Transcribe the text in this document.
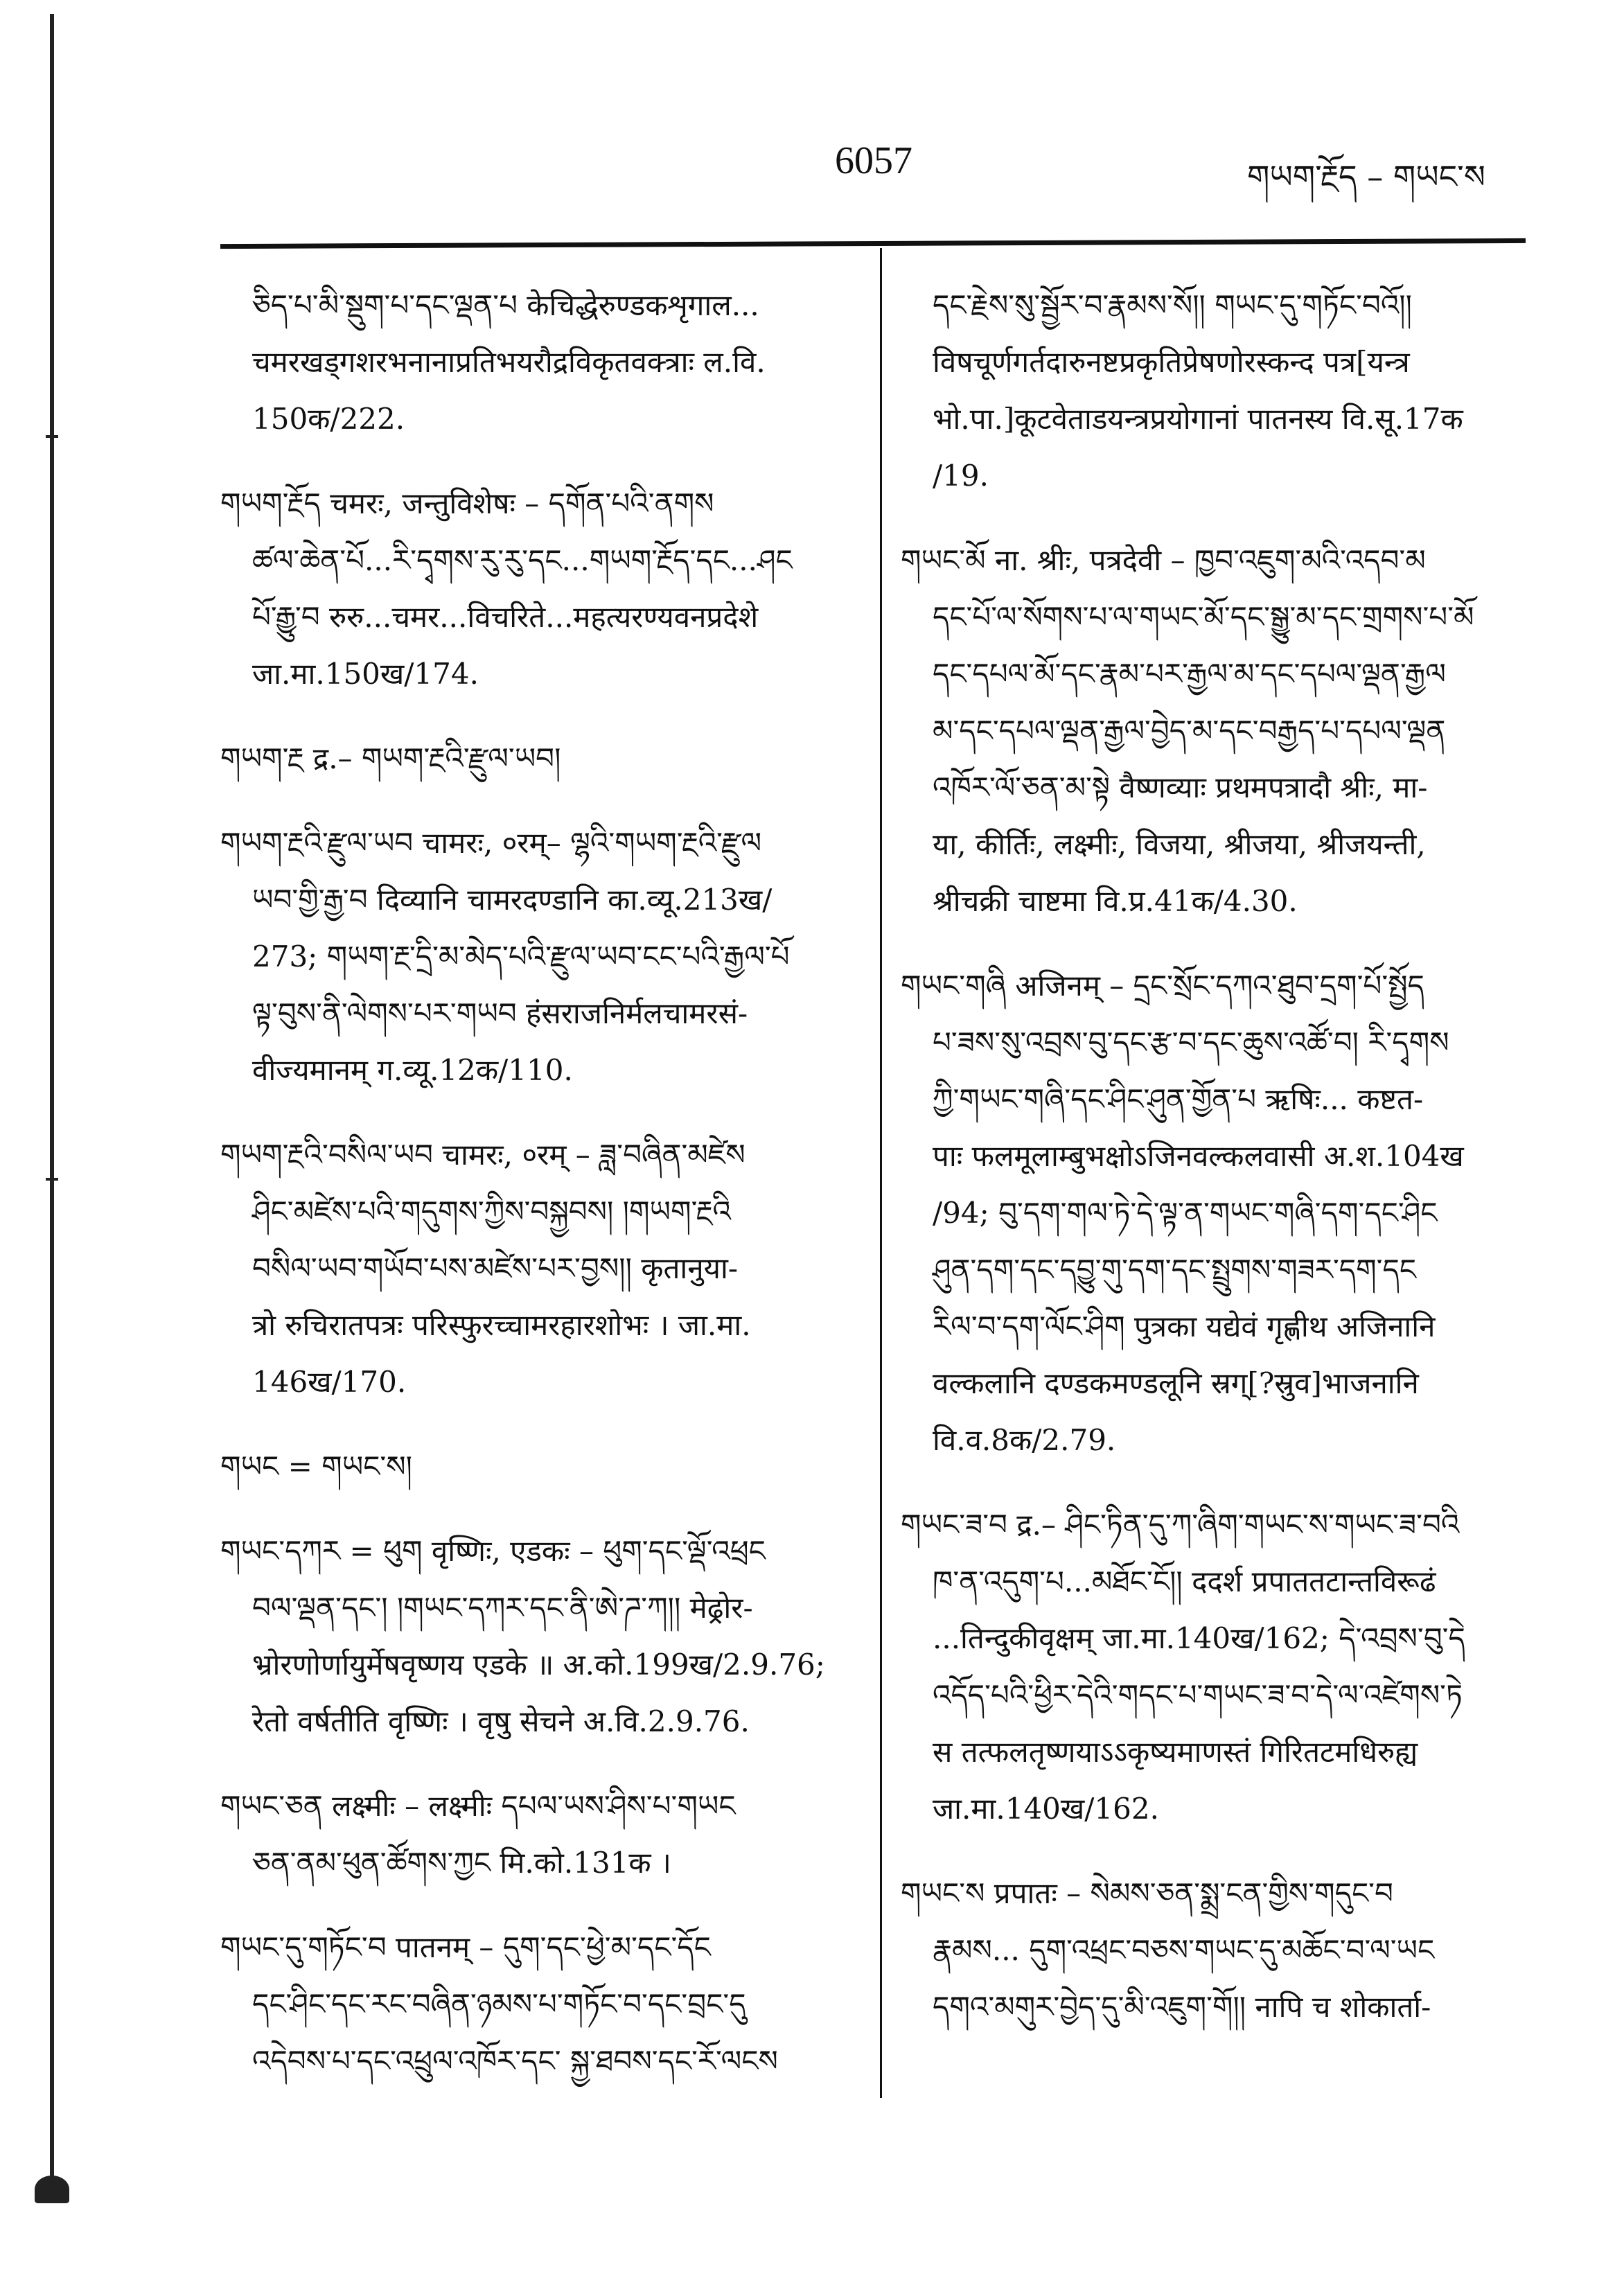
6057	གཡག་རྔོད – གཡང་ས
ཅིད་པ་མི་སྡུག་པ་དང་ལྡན་པ केचिद्धेरुण्डकशृगाल...
चमरखड्गशरभनानाप्रतिभयरौद्रविकृतवक्त्राः ल.वि.
150क/222.
གཡག་རྔོད चमरः, जन्तुविशेषः – དགོན་པའི་ནགས
ཚལ་ཆེན་པོ...རི་དྭགས་རུ་རུ་དང...གཡག་རྔོད་དང...ཤང
པོ་རྒྱུ་བ रुरु...चमर...विचरिते...महत्यरण्यवनप्रदेशे
जा.मा.150ख/174.
གཡག་རྔ द्र.– གཡག་རྔའི་རྫུལ་ཡབ།
གཡག་རྔའི་རྫུལ་ཡབ चामरः, ०रम्– ལྷའི་གཡག་རྔའི་རྫུལ
ཡབ་གྱི་རྒྱ་བ दिव्यानि चामरदण्डानि का.व्यू.213ख/
273; གཡག་རྔ་དྲི་མ་མེད་པའི་རྫུལ་ཡབ་ངང་པའི་རྒྱལ་པོ
ལྟ་བུས་ནི་ལེགས་པར་གཡབ हंसराजनिर्मलचामरसं-
वीज्यमानम् ग.व्यू.12क/110.
གཡག་རྔའི་བསིལ་ཡབ चामरः, ०रम् – ཟླ་བཞིན་མཛེས
ཤིང་མཛེས་པའི་གདུགས་ཀྱིས་བསྐྱབས། །གཡག་རྔའི
བསིལ་ཡབ་གཡོབ་པས་མཛེས་པར་བྱས།། कृतानुया-
त्रो रुचिरातपत्रः परिस्फुरच्चामरहारशोभः । जा.मा.
146ख/170.
གཡང = གཡང་ས།
གཡང་དཀར = ཕུག वृष्णिः, एडकः – ཕུག་དང་ལྡོ་འཕྲང
བལ་ལྡན་དང་། །གཡང་དཀར་དང་ནི་ཨེ་ཌ་ཀ།། मेढ्रोर-
भ्रोरणोर्णायुर्मेषवृष्णय एडके ॥ अ.को.199ख/2.9.76;
रेतो वर्षतीति वृष्णिः । वृषु सेचने अ.वि.2.9.76.
གཡང་ཅན लक्ष्मीः – लक्ष्मीः དཔལ་ཡས་ཤིས་པ་གཡང
ཅན་ནམ་ཕུན་ཚོགས་ཀྱང मि.को.131क ।
གཡང་དུ་གཏོང་བ पातनम् – དུག་དང་ཕྱེ་མ་དང་དོང
དང་ཤིང་དང་རང་བཞིན་ཉམས་པ་གཏོང་བ་དང་བྲང་དུ
འདེབས་པ་དང་འཕྲུལ་འཁོར་དང་ སྐྱ་ཐབས་དང་རོ་ལངས
དང་རྗེས་སུ་སྦྱོར་བ་རྣམས་སོ།། གཡང་དུ་གཏོང་བའོ།།
विषचूर्णगर्तदारुनष्टप्रकृतिप्रेषणोरस्कन्द पत्र[यन्त्र
भो.पा.]कूटवेताडयन्त्रप्रयोगानां पातनस्य वि.सू.17क
/19.
གཡང་མོ ना. श्रीः, पत्रदेवी – ཁྱབ་འཇུག་མའི་འདབ་མ
དང་པོ་ལ་སོགས་པ་ལ་གཡང་མོ་དང་སྒྱུ་མ་དང་གྲགས་པ་མོ
དང་དཔལ་མོ་དང་རྣམ་པར་རྒྱལ་མ་དང་དཔལ་ལྡན་རྒྱལ
མ་དང་དཔལ་ལྡན་རྒྱལ་བྱེད་མ་དང་བརྒྱད་པ་དཔལ་ལྡན
འཁོར་ལོ་ཅན་མ་སྟེ वैष्णव्याः प्रथमपत्रादौ श्रीः, मा-
या, कीर्तिः, लक्ष्मीः, विजया, श्रीजया, श्रीजयन्ती,
श्रीचक्री चाष्टमा वि.प्र.41क/4.30.
གཡང་གཞི अजिनम् – དྲང་སྲོང་དཀའ་ཐུབ་དྲག་པོ་སྤྱོད
པ་ཟས་སུ་འབྲས་བུ་དང་རྩ་བ་དང་ཆུས་འཚོ་བ། རི་དྭགས
ཀྱི་གཡང་གཞི་དང་ཤིང་ཤུན་གྱོན་པ ऋषिः... कष्टत-
पाः फलमूलाम्बुभक्षोऽजिनवल्कलवासी अ.श.104ख
/94; བུ་དག་གལ་ཏེ་དེ་ལྟ་ན་གཡང་གཞི་དག་དང་ཤིང
ཤུན་དག་དང་དབྱུ་གུ་དག་དང་སྤྲུགས་གཟར་དག་དང
རིལ་བ་དག་ལོང་ཤིག पुत्रका यद्येवं गृह्णीथ अजिनानि
वल्कलानि दण्डकमण्डलूनि स्रग्[?स्रुव]भाजनानि
वि.व.8क/2.79.
གཡང་ཟ་བ द्र.– ཤིང་ཏིན་དུ་ཀ་ཞིག་གཡང་ས་གཡང་ཟ་བའི
ཁ་ན་འདུག་པ...མཐོང་ངོ།། ददर्श प्रपाततटान्तविरूढं
...तिन्दुकीवृक्षम् जा.मा.140ख/162; དེ་འབྲས་བུ་དེ
འདོད་པའི་ཕྱིར་དེའི་གདང་པ་གཡང་ཟ་བ་དེ་ལ་འཛེགས་ཏེ
स तत्फलतृष्णयाऽऽकृष्यमाणस्तं गिरितटमधिरुह्य
जा.मा.140ख/162.
གཡང་ས प्रपातः – སེམས་ཅན་སྨྲ་ངན་གྱིས་གདུང་བ
རྣམས... དུག་འཕྲང་བཅས་གཡང་དུ་མཆོང་བ་ལ་ཡང
དགའ་མགུར་བྱེད་དུ་མི་འཇུག་གོ།། नापि च शोकार्ता-
